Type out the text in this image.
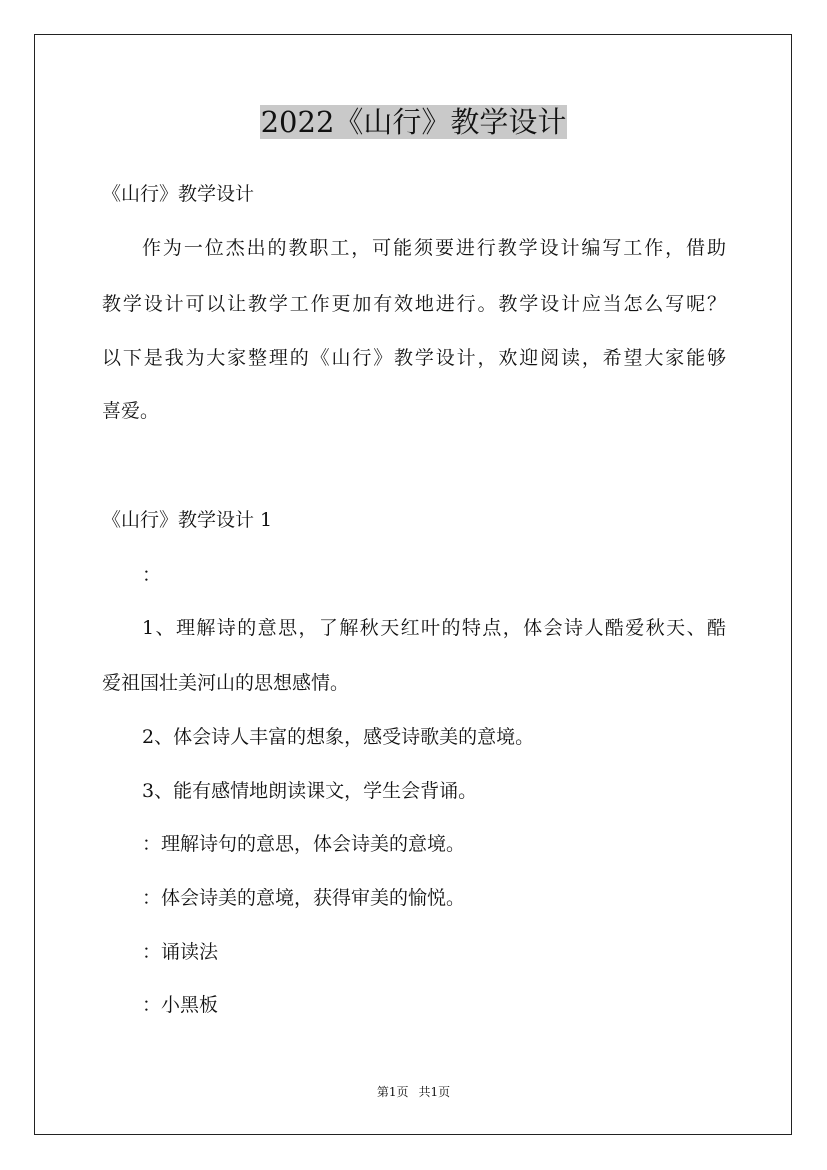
2022《山行》教学设计
《山行》教学设计
作为一位杰出的教职工，可能须要进行教学设计编写工作，借助
教学设计可以让教学工作更加有效地进行。教学设计应当怎么写呢？
以下是我为大家整理的《山行》教学设计，欢迎阅读，希望大家能够
喜爱。
《山行》教学设计 1
：
1、理解诗的意思，了解秋天红叶的特点，体会诗人酷爱秋天、酷
爱祖国壮美河山的思想感情。
2、体会诗人丰富的想象，感受诗歌美的意境。
3、能有感情地朗读课文，学生会背诵。
：理解诗句的意思，体会诗美的意境。
：体会诗美的意境，获得审美的愉悦。
：诵读法
：小黑板
第1页 共1页
